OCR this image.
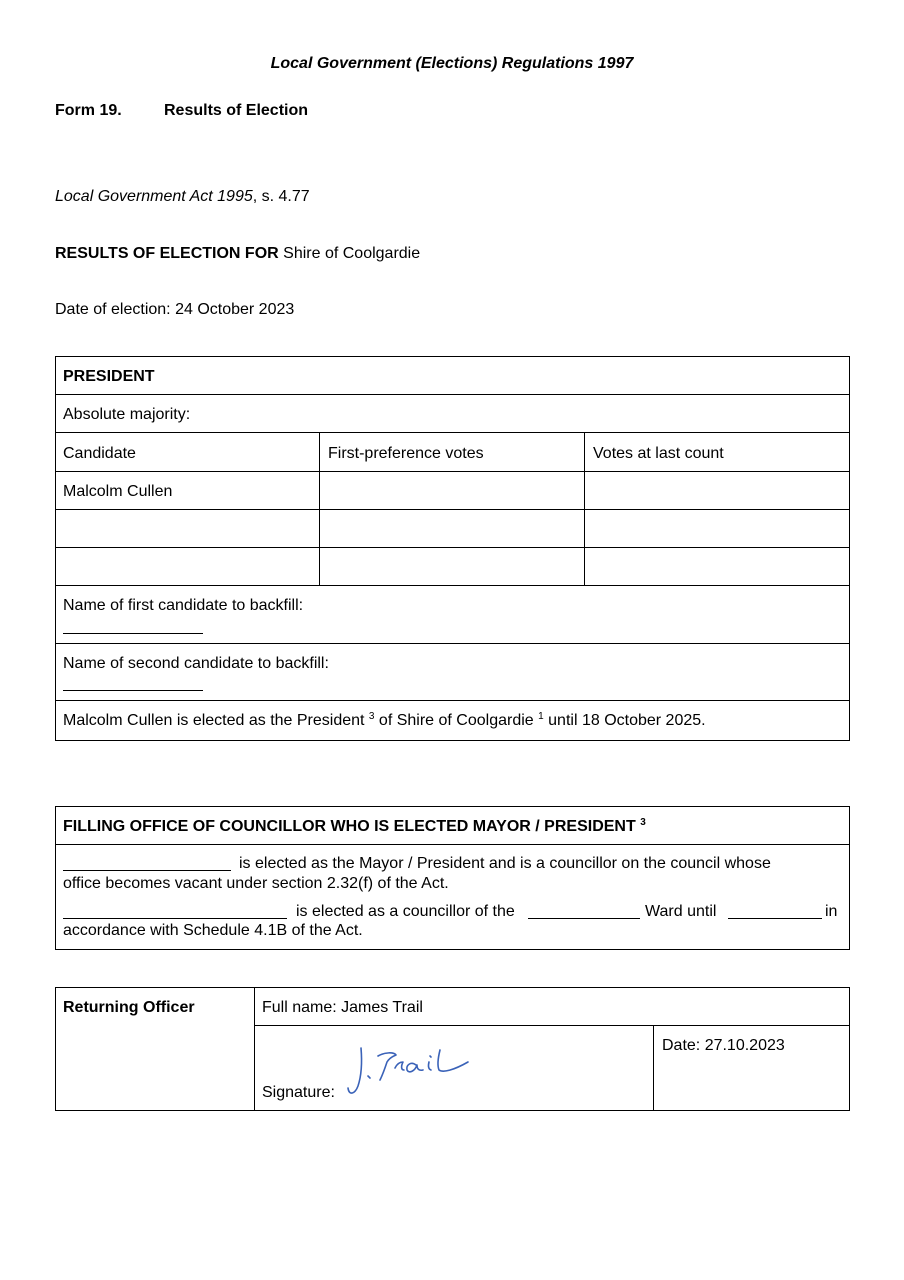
Local Government (Elections) Regulations 1997
Form 19.	Results of Election
Local Government Act 1995, s. 4.77
RESULTS OF ELECTION FOR Shire of Coolgardie
Date of election: 24 October 2023
PRESIDENT
Absolute majority:
Candidate	First-preference votes	Votes at last count
Malcolm Cullen
Name of first candidate to backfill:
Name of second candidate to backfill:
Malcolm Cullen is elected as the President $^3$ of Shire of Coolgardie $^1$ until 18 October 2025.
FILLING OFFICE OF COUNCILLOR WHO IS ELECTED MAYOR / PRESIDENT $^3$
is elected as the Mayor / President and is a councillor on the council whose
office becomes vacant under section 2.32(f) of the Act.
is elected as a councillor of the	Ward until	in
accordance with Schedule 4.1B of the Act.
Returning Officer	Full name: James Trail
Signature:
Date: 27.10.2023
